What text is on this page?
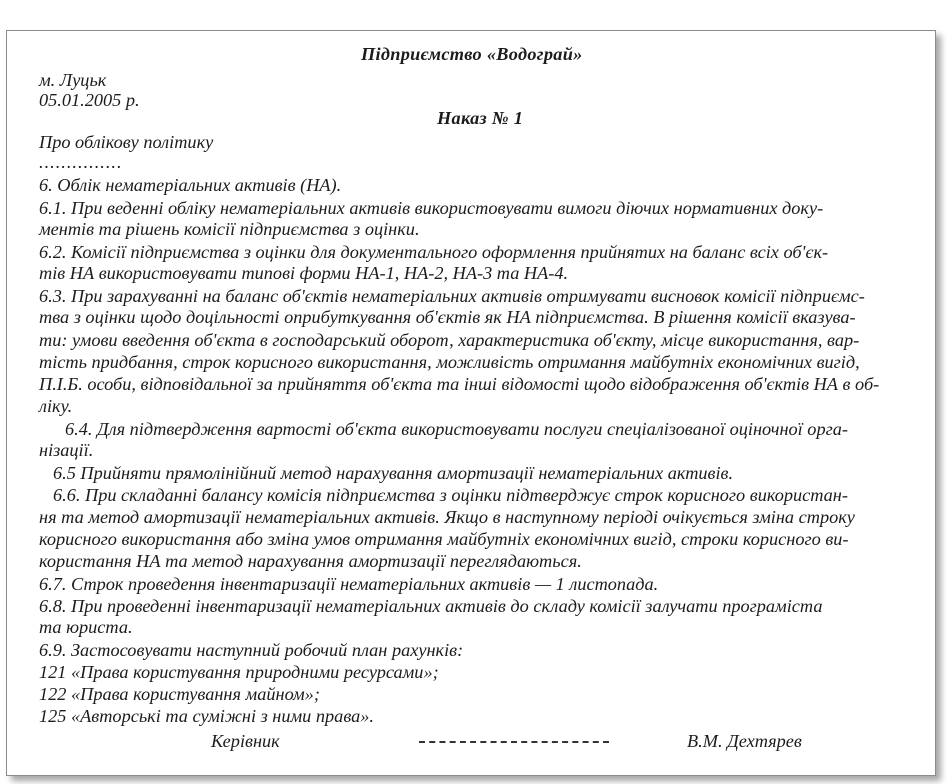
Підприємство «Водограй»
м. Луцьк
05.01.2005 р.
Наказ № 1
Про облікову політику
...............
6. Облік нематеріальних активів (НА).
6.1. При веденні обліку нематеріальних активів використовувати вимоги діючих нормативних доку-
ментів та рішень комісії підприємства з оцінки.
6.2. Комісії підприємства з оцінки для документального оформлення прийнятих на баланс всіх об'єк-
тів НА використовувати типові форми НА-1, НА-2, НА-3 та НА-4.
6.3. При зарахуванні на баланс об'єктів нематеріальних активів отримувати висновок комісії підприємс-
тва з оцінки щодо доцільності оприбуткування об'єктів як НА підприємства. В рішення комісії вказува-
ти: умови введення об'єкта в господарський оборот, характеристика об'єкту, місце використання, вар-
тість придбання, строк корисного використання, можливість отримання майбутніх економічних вигід,
П.І.Б. особи, відповідальної за прийняття об'єкта та інші відомості щодо відображення об'єктів НА в об-
ліку.
6.4. Для підтвердження вартості об'єкта використовувати послуги спеціалізованої оціночної орга-
нізації.
6.5 Прийняти прямолінійний метод нарахування амортизації нематеріальних активів.
6.6. При складанні балансу комісія підприємства з оцінки підтверджує строк корисного використан-
ня та метод амортизації нематеріальних активів. Якщо в наступному періоді очікується зміна строку
корисного використання або зміна умов отримання майбутніх економічних вигід, строки корисного ви-
користання НА та метод нарахування амортизації переглядаються.
6.7. Строк проведення інвентаризації нематеріальних активів — 1 листопада.
6.8. При проведенні інвентаризації нематеріальних активів до складу комісії залучати програміста
та юриста.
6.9. Застосовувати наступний робочий план рахунків:
121 «Права користування природними ресурсами»;
122 «Права користування майном»;
125 «Авторські та суміжні з ними права».
Керівник	В.М. Дехтярев
